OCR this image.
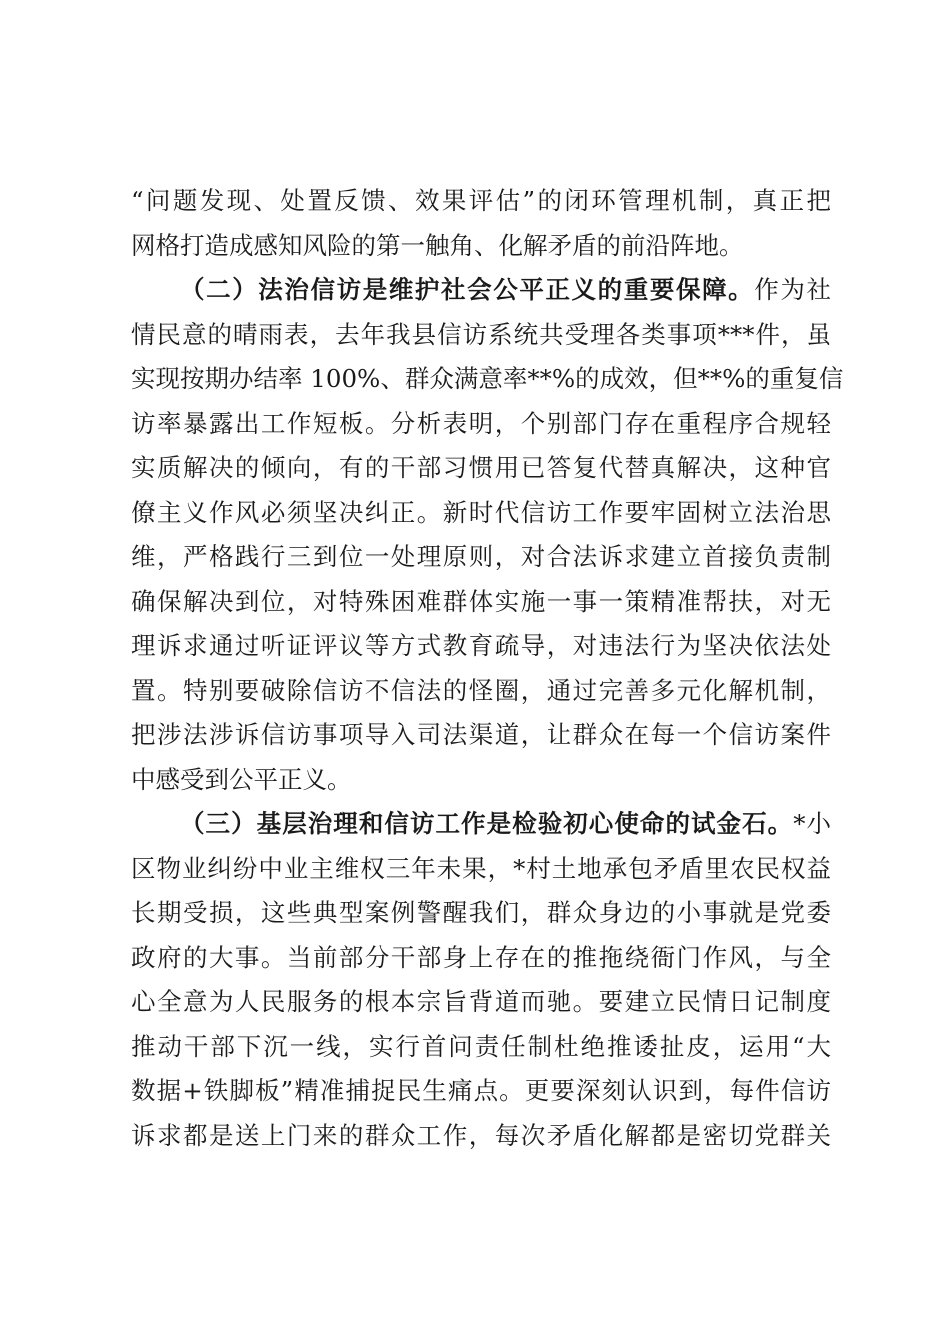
“问题发现、处置反馈、效果评估”的闭环管理机制，真正把
网格打造成感知风险的第一触角、化解矛盾的前沿阵地。
（二）法治信访是维护社会公平正义的重要保障。作为社
情民意的晴雨表，去年我县信访系统共受理各类事项***件，虽
实现按期办结率 100%、群众满意率**%的成效，但**%的重复信
访率暴露出工作短板。分析表明，个别部门存在重程序合规轻
实质解决的倾向，有的干部习惯用已答复代替真解决，这种官
僚主义作风必须坚决纠正。新时代信访工作要牢固树立法治思
维，严格践行三到位一处理原则，对合法诉求建立首接负责制
确保解决到位，对特殊困难群体实施一事一策精准帮扶，对无
理诉求通过听证评议等方式教育疏导，对违法行为坚决依法处
置。特别要破除信访不信法的怪圈，通过完善多元化解机制，
把涉法涉诉信访事项导入司法渠道，让群众在每一个信访案件
中感受到公平正义。
（三）基层治理和信访工作是检验初心使命的试金石。*小
区物业纠纷中业主维权三年未果，*村土地承包矛盾里农民权益
长期受损，这些典型案例警醒我们，群众身边的小事就是党委
政府的大事。当前部分干部身上存在的推拖绕衙门作风，与全
心全意为人民服务的根本宗旨背道而驰。要建立民情日记制度
推动干部下沉一线，实行首问责任制杜绝推诿扯皮，运用“大
数据+铁脚板”精准捕捉民生痛点。更要深刻认识到，每件信访
诉求都是送上门来的群众工作，每次矛盾化解都是密切党群关
